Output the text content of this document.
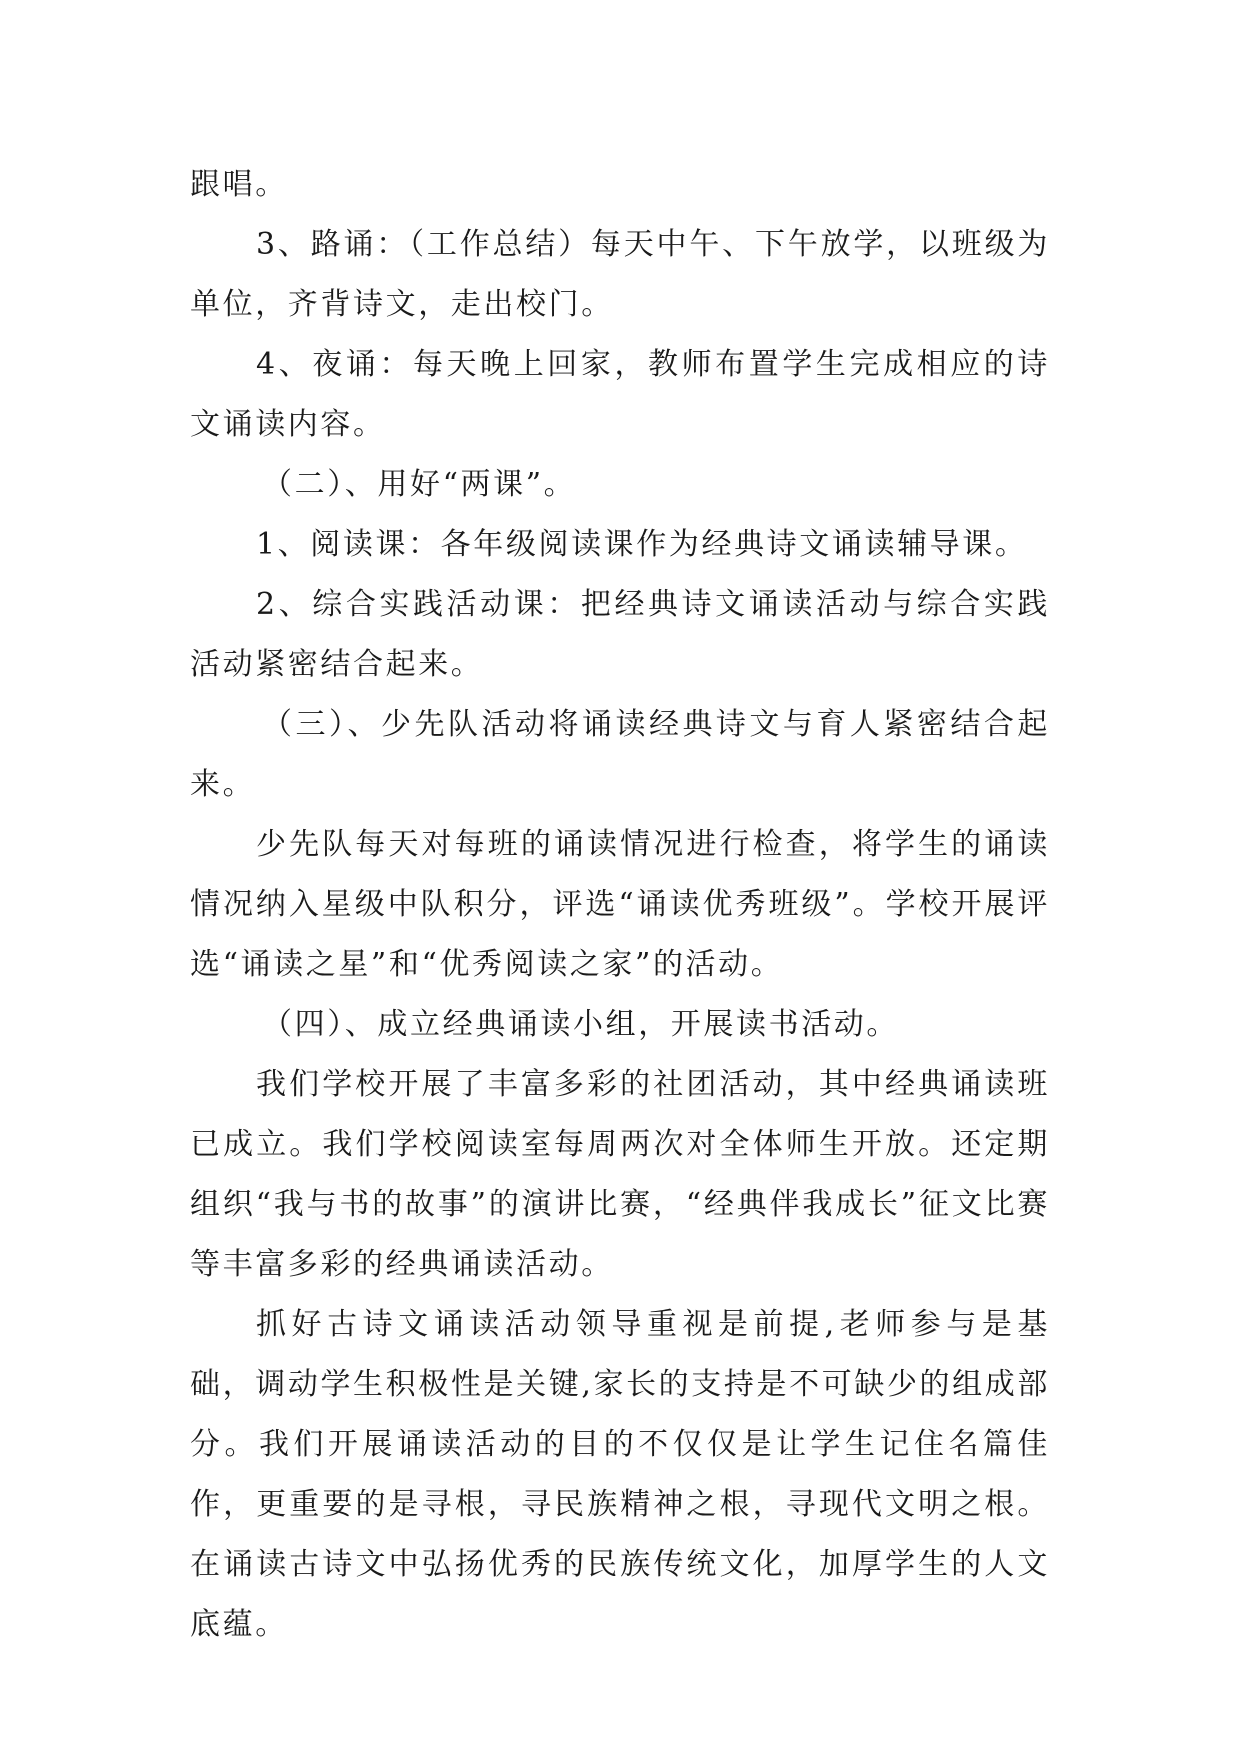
跟唱。

3、路诵：（工作总结）每天中午、下午放学，以班级为单位，齐背诗文，走出校门。

4、夜诵：每天晚上回家，教师布置学生完成相应的诗文诵读内容。

（二）、用好“两课”。

1、阅读课：各年级阅读课作为经典诗文诵读辅导课。

2、综合实践活动课：把经典诗文诵读活动与综合实践活动紧密结合起来。

（三）、少先队活动将诵读经典诗文与育人紧密结合起来。

少先队每天对每班的诵读情况进行检查，将学生的诵读情况纳入星级中队积分，评选“诵读优秀班级”。学校开展评选“诵读之星”和“优秀阅读之家”的活动。

（四）、成立经典诵读小组，开展读书活动。

我们学校开展了丰富多彩的社团活动，其中经典诵读班已成立。我们学校阅读室每周两次对全体师生开放。还定期组织“我与书的故事”的演讲比赛，“经典伴我成长”征文比赛等丰富多彩的经典诵读活动。

抓好古诗文诵读活动领导重视是前提,老师参与是基础，调动学生积极性是关键,家长的支持是不可缺少的组成部分。我们开展诵读活动的目的不仅仅是让学生记住名篇佳作，更重要的是寻根，寻民族精神之根，寻现代文明之根。在诵读古诗文中弘扬优秀的民族传统文化，加厚学生的人文底蕴。
